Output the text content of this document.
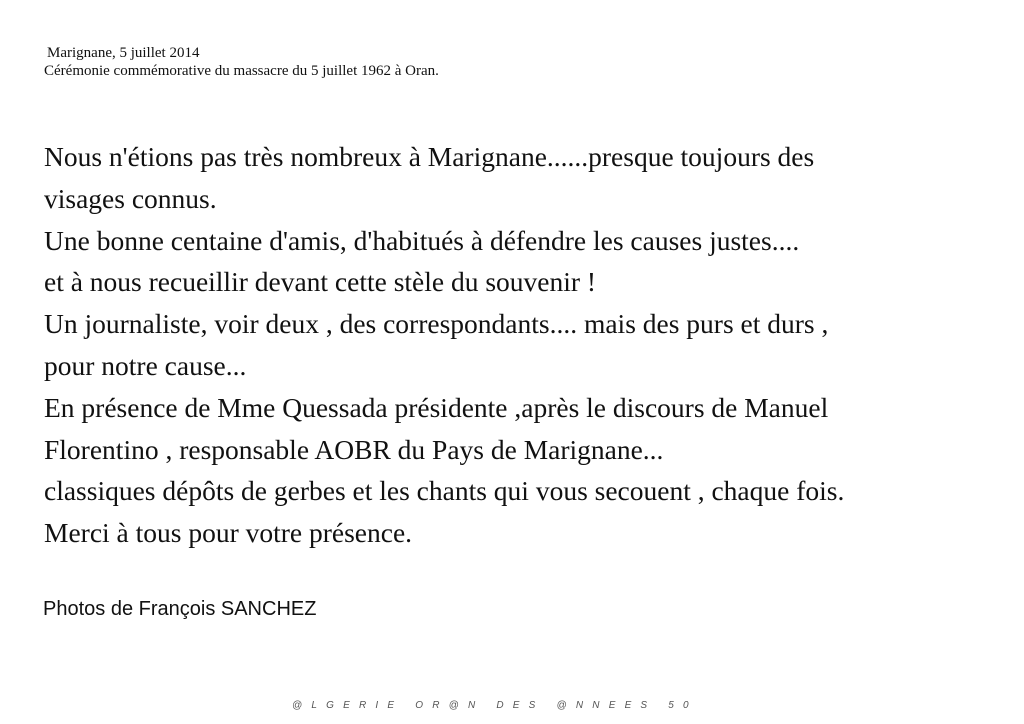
Marignane, 5 juillet 2014
Cérémonie commémorative du massacre du 5 juillet 1962 à Oran.
Nous n'étions pas très nombreux à Marignane......presque toujours des
visages connus.
Une bonne centaine d'amis, d'habitués à défendre les causes justes....
et à nous recueillir devant cette stèle du souvenir !
Un journaliste, voir deux , des correspondants.... mais des purs et durs ,
pour notre cause...
En présence de Mme Quessada présidente ,après le discours de Manuel
Florentino , responsable AOBR du Pays de Marignane...
classiques dépôts de gerbes et les chants qui vous secouent , chaque fois.
Merci à tous pour votre présence.
Photos de François SANCHEZ
@LGERIE OR@N DES @NNEES 50
